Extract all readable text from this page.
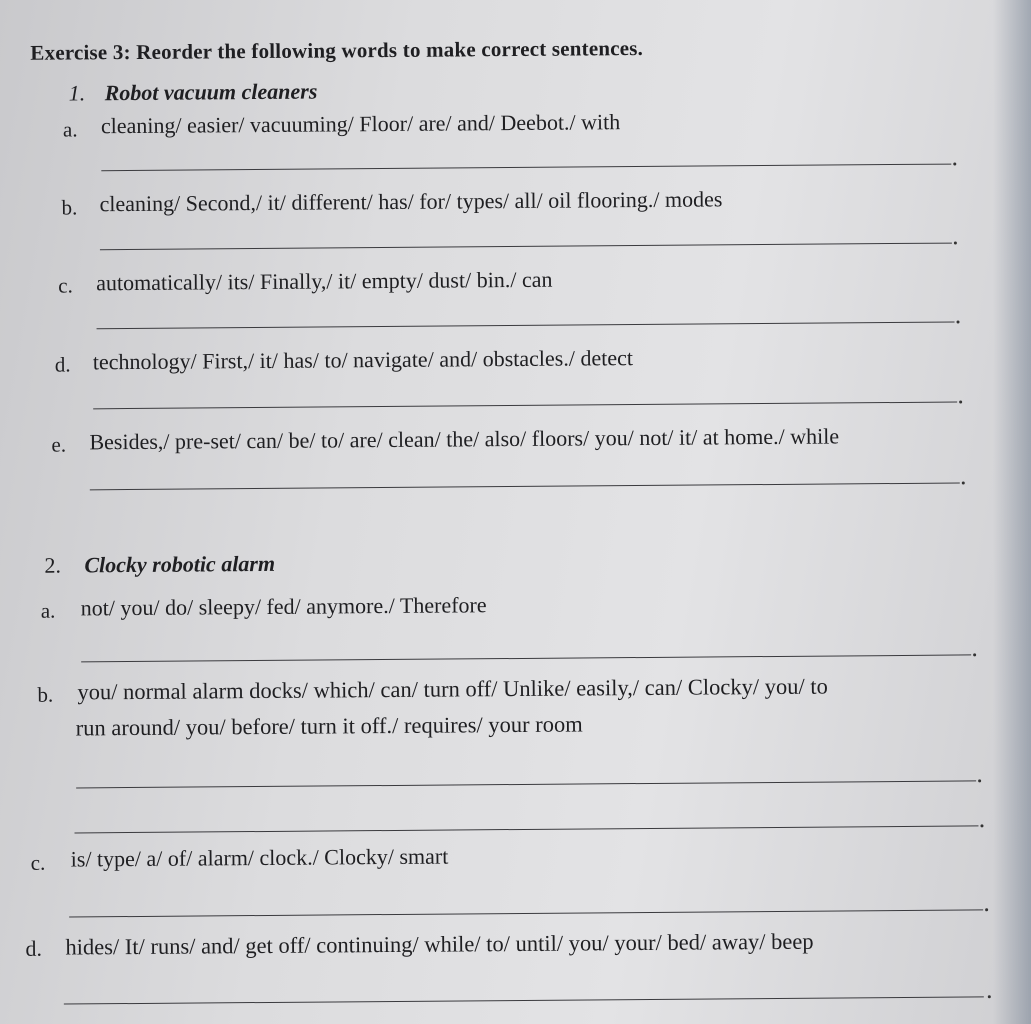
Exercise 3: Reorder the following words to make correct sentences.
1. Robot vacuum cleaners
a. cleaning/ easier/ vacuuming/ Floor/ are/ and/ Deebot./ with
b. cleaning/ Second,/ it/ different/ has/ for/ types/ all/ oil flooring./ modes
c. automatically/ its/ Finally,/ it/ empty/ dust/ bin./ can
d. technology/ First,/ it/ has/ to/ navigate/ and/ obstacles./ detect
e. Besides,/ pre-set/ can/ be/ to/ are/ clean/ the/ also/ floors/ you/ not/ it/ at home./ while
2. Clocky robotic alarm
a. not/ you/ do/ sleepy/ fed/ anymore./ Therefore
b. you/ normal alarm docks/ which/ can/ turn off/ Unlike/ easily,/ can/ Clocky/ you/ to
run around/ you/ before/ turn it off./ requires/ your room
c. is/ type/ a/ of/ alarm/ clock./ Clocky/ smart
d. hides/ It/ runs/ and/ get off/ continuing/ while/ to/ until/ you/ your/ bed/ away/ beep
